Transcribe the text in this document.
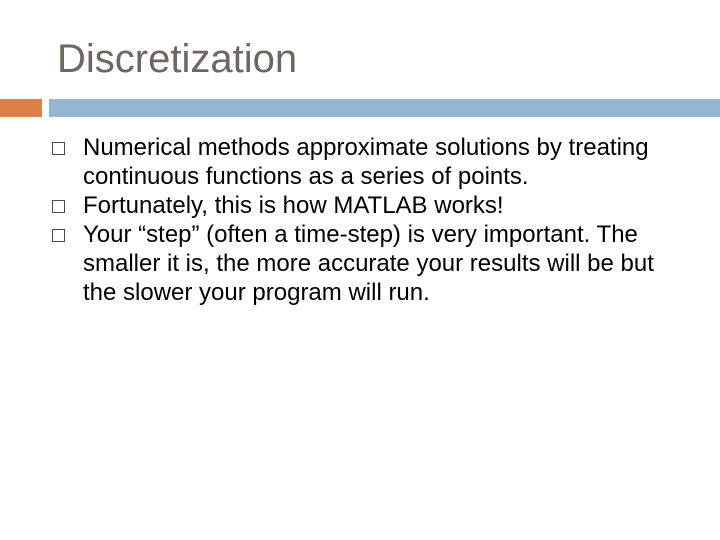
Discretization
Numerical methods approximate solutions by treating continuous functions as a series of points.
Fortunately, this is how MATLAB works!
Your “step” (often a time-step) is very important. The smaller it is, the more accurate your results will be but the slower your program will run.
